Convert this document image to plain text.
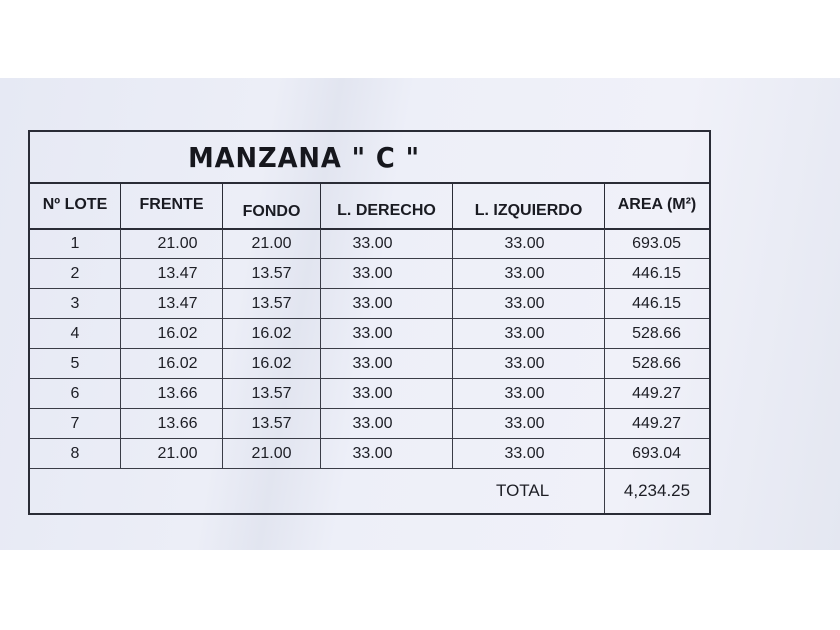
MANZANA " C "
Nº LOTE	FRENTE	FONDO	L. DERECHO	L. IZQUIERDO	AREA (M²)
1	21.00	21.00	33.00	33.00	693.05
2	13.47	13.57	33.00	33.00	446.15
3	13.47	13.57	33.00	33.00	446.15
4	16.02	16.02	33.00	33.00	528.66
5	16.02	16.02	33.00	33.00	528.66
6	13.66	13.57	33.00	33.00	449.27
7	13.66	13.57	33.00	33.00	449.27
8	21.00	21.00	33.00	33.00	693.04
TOTAL	4,234.25
